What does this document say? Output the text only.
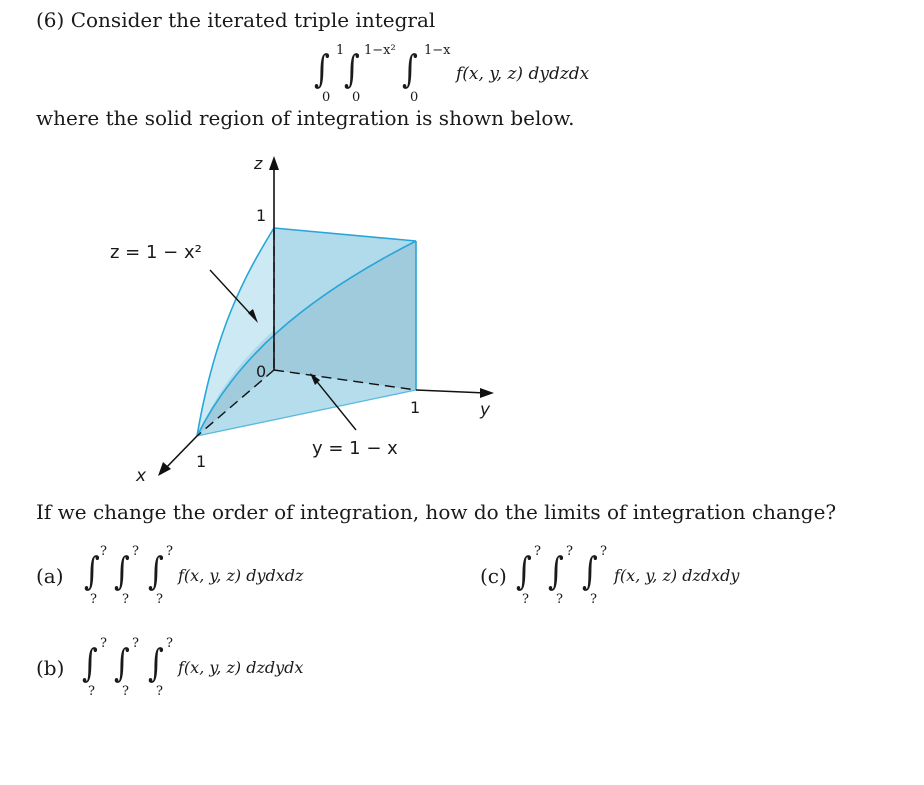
(6) Consider the iterated triple integral
∫ 1
0
∫ 1−x²
0
∫ 1−x
0
f(x, y, z) dydzdx
where the solid region of integration is shown below.
z
y
x
1
1
1
0
z = 1 − x²
y = 1 − x
If we change the order of integration, how do the limits of integration change?
(a) ∫ ?
?
∫ ?
?
∫ ?
?
f(x, y, z) dydxdz	(c) ∫ ?
?
∫ ?
?
∫ ?
?
f(x, y, z) dzdxdy
(b) ∫ ?
?
∫ ?
?
∫ ?
?
f(x, y, z) dzdydx
